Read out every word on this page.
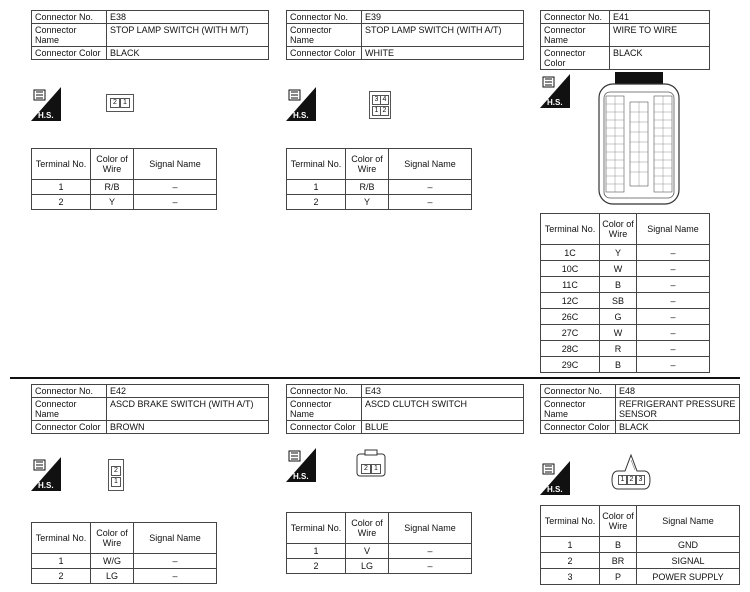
Connector No.	E38
Connector Name	STOP LAMP SWITCH (WITH M/T)
Connector Color	BLACK
H.S.
2 1
Terminal No.	Color of Wire	Signal Name
1	R/B	–
2	Y	–
Connector No.	E39
Connector Name	STOP LAMP SWITCH (WITH A/T)
Connector Color	WHITE
H.S.
3 4
1 2
Terminal No.	Color of Wire	Signal Name
1	R/B	–
2	Y	–
Connector No.	E41
Connector Name	WIRE TO WIRE
Connector Color	BLACK
H.S.
Terminal No.	Color of Wire	Signal Name
1C	Y	–
10C	W	–
11C	B	–
12C	SB	–
26C	G	–
27C	W	–
28C	R	–
29C	B	–
Connector No.	E42
Connector Name	ASCD BRAKE SWITCH (WITH A/T)
Connector Color	BROWN
H.S.
2
1
Terminal No.	Color of Wire	Signal Name
1	W/G	–
2	LG	–
Connector No.	E43
Connector Name	ASCD CLUTCH SWITCH
Connector Color	BLUE
H.S.
2 1
Terminal No.	Color of Wire	Signal Name
1	V	–
2	LG	–
Connector No.	E48
Connector Name	REFRIGERANT PRESSURE SENSOR
Connector Color	BLACK
H.S.
1 2 3
Terminal No.	Color of Wire	Signal Name
1	B	GND
2	BR	SIGNAL
3	P	POWER SUPPLY
